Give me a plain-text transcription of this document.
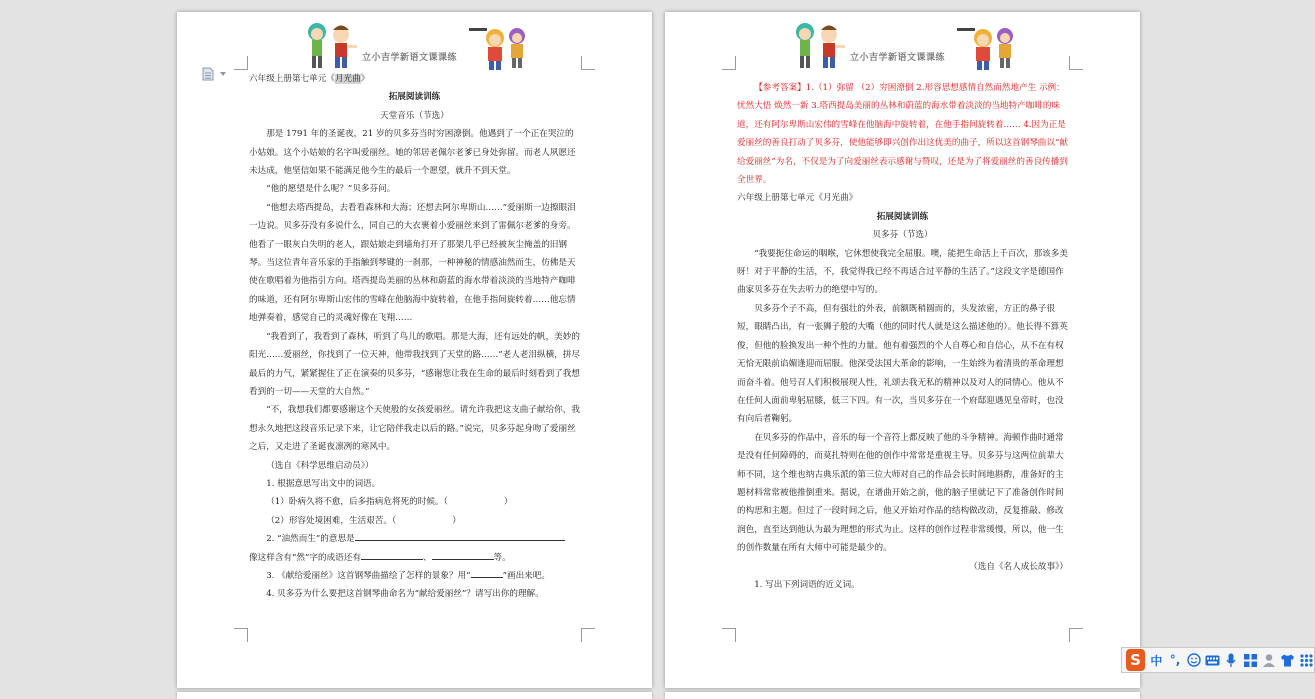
立小吉学新语文课课练

六年级上册第七单元《月光曲》

拓展阅读训练

天堂音乐（节选）

那是 1791 年的圣诞夜，21 岁的贝多芬当时穷困潦倒。他遇到了一个正在哭泣的小姑娘。这个小姑娘的名字叫爱丽丝。她的邻居老佩尔老爹已身处弥留。而老人夙愿还未达成，他坚信如果不能满足他今生的最后一个愿望，就升不到天堂。

“他的愿望是什么呢？”贝多芬问。

“他想去塔西提岛，去看看森林和大海；还想去阿尔卑斯山……”爱丽斯一边擦眼泪一边说。贝多芬没有多说什么，同自己的大衣裹着小爱丽丝来到了雷佩尔老爹的身旁。他看了一眼灰白失明的老人，跟姑娘走到墙角打开了那架几乎已经被灰尘掩盖的旧钢琴。当这位青年音乐家的手指触到琴键的一刹那，一种神秘的情感油然而生，仿佛是天使在歌唱着为他指引方向。塔西提岛美丽的丛林和蔚蓝的海水带着淡淡的当地特产咖啡的味道，还有阿尔卑斯山宏伟的雪峰在他脑海中旋转着，在他手指间旋转着……他忘情地弹奏着，感觉自己的灵魂好像在飞翔……

“我看到了，我看到了森林，听到了鸟儿的歌唱。那是大海，还有远处的帆，美妙的阳光……爱丽丝，你找到了一位天神，他带我找到了天堂的路……”老人老泪纵横，拼尽最后的力气，紧紧握住了正在演奏的贝多芬，“感谢您让我在生命的最后时刻看到了我想看到的一切——天堂的大自然。”

“不，我想我们都要感谢这个天使般的女孩爱丽丝。请允许我把这支曲子献给你，我想永久地把这段音乐记录下来，让它陪伴我走以后的路。”说完，贝多芬起身吻了爱丽丝之后，又走进了圣诞夜凛冽的寒风中。

（选自《科学思维启动员》）

1. 根据意思写出文中的词语。

（1）卧病久将不愈，后多指病危将死的时候。（	）

（2）形容处境困难，生活艰苦。（	）

2. “油然而生”的意思是

像这样含有“然”字的成语还有	、	等。

3. 《献给爱丽丝》这首钢琴曲描绘了怎样的景象？用“	”画出来吧。

4. 贝多芬为什么要把这首钢琴曲命名为“献给爱丽丝”？请写出你的理解。

立小吉学新语文课课练

【参考答案】1.（1）弥留 （2）穷困潦倒 2.形容思想感情自然而然地产生 示例：忧然大悟 焕然一新 3.塔西提岛美丽的丛林和蔚蓝的海水带着淡淡的当地特产咖啡的味道，还有阿尔卑斯山宏伟的雪峰在他脑海中旋转着，在他手指间旋转着…… 4.因为正是爱丽丝的善良打动了贝多芬，使他能够即兴创作出这优美的曲子，所以这首钢琴曲以“献给爱丽丝”为名，不仅是为了向爱丽丝表示感谢与赞叹，还是为了将爱丽丝的善良传播到全世界。

六年级上册第七单元《月光曲》

拓展阅读训练

贝多芬（节选）

“我要扼住命运的咽喉，它休想使我完全屈服。噢，能把生命活上千百次，那该多美呀！对于平静的生活，不，我觉得我已经不再适合过平静的生活了。”这段文字是德国作曲家贝多芬在失去听力的绝望中写的。

贝多芬个子不高，但有强壮的外表，前额既稍圆而的，头发浓密，方正的鼻子很短，眼睛凸出，有一张狮子般的大嘴（他的同时代人就是这么描述他的）。他长得不算英俊，但他的脸换发出一种个性的力量。他有着强烈的个人自尊心和自信心，从不在有权无恰无限前谄媚逢迎而屈服。他深受法国大革命的影响，一生始终为着清贵的革命理想而奋斗着。他号召人们积极展现人性，礼颂去我无私的精神以及对人的同情心。他从不在任何人面前卑躬屈膝，低三下四。有一次，当贝多芬在一个府邸迎遇见皇帝时，也没有向后者鞠躬。

在贝多芬的作品中，音乐的每一个音符上都反映了他的斗争精神。海顿作曲时通常是没有任何障碍的，而莫扎特则在他的创作中常常是重视主导。贝多芬与这两位前辈大师不同，这个维也纳古典乐派的第三位大师对自己的作品会长时间地斟酌，准备好的主题材料常常被他推倒重来。据说，在谱曲开始之前，他的脑子里就记下了准备创作时间的构思和主题。但过了一段时间之后，他又开始对作品的结构做改动，反复推敲、修改润色，直至达到他认为最为理想的形式为止。这样的创作过程非常缓慢，所以，他一生的创作数量在所有大师中可能是最少的。

（选自《名人成长故事》）

1. 写出下列词语的近义词。

S 中 °,
